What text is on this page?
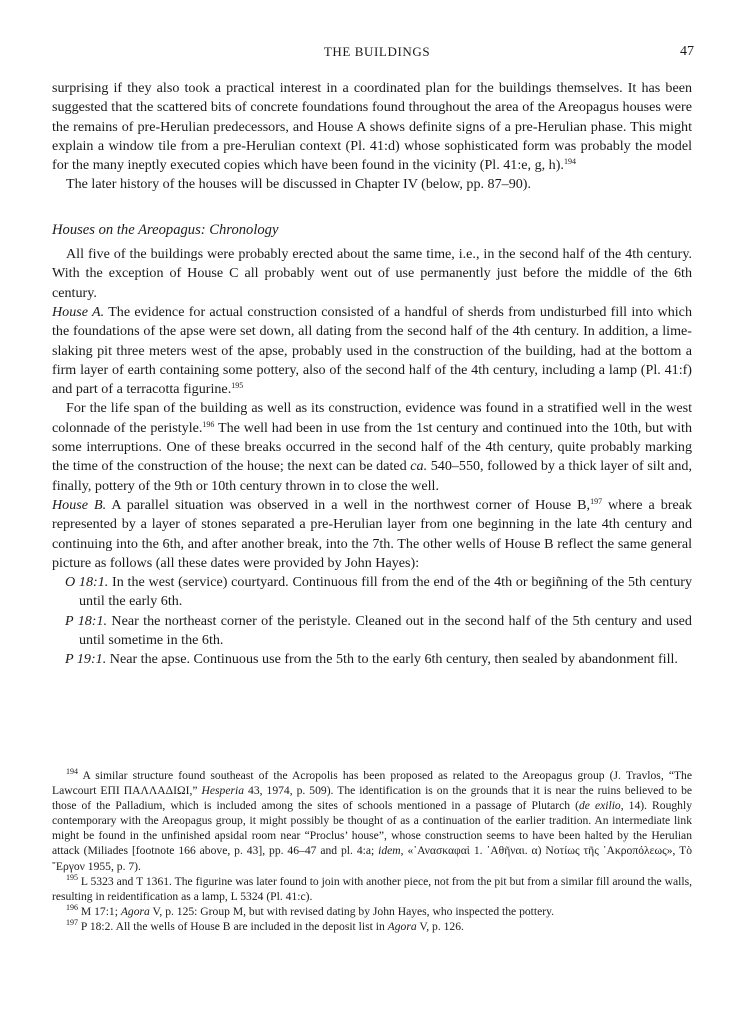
THE BUILDINGS	47

surprising if they also took a practical interest in a coordinated plan for the buildings themselves. It has been suggested that the scattered bits of concrete foundations found throughout the area of the Areopagus houses were the remains of pre-Herulian predecessors, and House A shows definite signs of a pre-Herulian phase. This might explain a window tile from a pre-Herulian context (Pl. 41:d) whose sophisticated form was probably the model for the many ineptly executed copies which have been found in the vicinity (Pl. 41:e, g, h).$^{194}$

The later history of the houses will be discussed in Chapter IV (below, pp. 87–90).

Houses on the Areopagus: Chronology

All five of the buildings were probably erected about the same time, i.e., in the second half of the 4th century. With the exception of House C all probably went out of use permanently just before the middle of the 6th century.

House A. The evidence for actual construction consisted of a handful of sherds from undisturbed fill into which the foundations of the apse were set down, all dating from the second half of the 4th century. In addition, a lime-slaking pit three meters west of the apse, probably used in the construction of the building, had at the bottom a firm layer of earth containing some pottery, also of the second half of the 4th century, including a lamp (Pl. 41:f) and part of a terracotta figurine.$^{195}$

For the life span of the building as well as its construction, evidence was found in a stratified well in the west colonnade of the peristyle.$^{196}$ The well had been in use from the 1st century and continued into the 10th, but with some interruptions. One of these breaks occurred in the second half of the 4th century, quite probably marking the time of the construction of the house; the next can be dated ca. 540–550, followed by a thick layer of silt and, finally, pottery of the 9th or 10th century thrown in to close the well.

House B. A parallel situation was observed in a well in the northwest corner of House B,$^{197}$ where a break represented by a layer of stones separated a pre-Herulian layer from one beginning in the late 4th century and continuing into the 6th, and after another break, into the 7th. The other wells of House B reflect the same general picture as follows (all these dates were provided by John Hayes):

O 18:1. In the west (service) courtyard. Continuous fill from the end of the 4th or begiñning of the 5th century until the early 6th.

P 18:1. Near the northeast corner of the peristyle. Cleaned out in the second half of the 5th century and used until sometime in the 6th.

P 19:1. Near the apse. Continuous use from the 5th to the early 6th century, then sealed by abandonment fill.

$^{194}$ A similar structure found southeast of the Acropolis has been proposed as related to the Areopagus group (J. Travlos, “The Lawcourt ΕΠΙ ΠΑΛΛΑΔΙΩΙ,” Hesperia 43, 1974, p. 509). The identification is on the grounds that it is near the ruins believed to be those of the Palladium, which is included among the sites of schools mentioned in a passage of Plutarch (de exilio, 14). Roughly contemporary with the Areopagus group, it might possibly be thought of as a continuation of the earlier tradition. An intermediate link might be found in the unfinished apsidal room near “Proclus’ house”, whose construction seems to have been halted by the Herulian attack (Miliades [footnote 166 above, p. 43], pp. 46–47 and pl. 4:a; idem, «᾽Ανασκαφαὶ 1. ᾽Αθῆναι. α) Νοτίως τῆς ᾽Ακροπόλεως», Τὸ ῎Εργον 1955, p. 7).

$^{195}$ L 5323 and T 1361. The figurine was later found to join with another piece, not from the pit but from a similar fill around the walls, resulting in reidentification as a lamp, L 5324 (Pl. 41:c).

$^{196}$ M 17:1; Agora V, p. 125: Group M, but with revised dating by John Hayes, who inspected the pottery.

$^{197}$ P 18:2. All the wells of House B are included in the deposit list in Agora V, p. 126.
